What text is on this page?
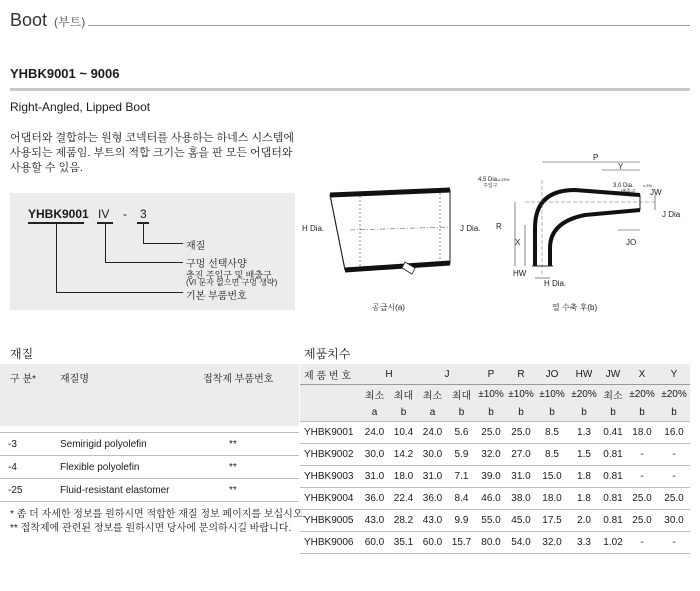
Boot (부트)
YHBK9001 ~ 9006
Right-Angled, Lipped Boot
어댑터와 결합하는 원형 코넥터를 사용하는 하네스 시스템에
사용되는 제품임. 부트의 적합 크기는 홈을 판 모든 어댑터와
사용할 수 있음.
YHBK9001 IV - 3
재질
구멍 선택사양
충진 주입구 및 배출구
(VI 문자 없으면 구멍 생략)
기본 부품번호
H Dia.	J Dia.
공급시(a)
P
Y
4.5 Dia. ±.25%
주입구	3.0 Dia. ±.3%
배출구 JW
J Dia
R
X	JO
HW
H Dia.
열 수축 후(b)
재질
구 분*	재질명	접착제 부품번호

-3	Semirigid polyolefin	**
-4	Flexible polyolefin	**
-25	Fluid-resistant elastomer	**
* 좀 더 자세한 정보를 원하시면 적합한 재질 정보 페이지를 보십시오.
** 접착제에 관련된 정보를 원하시면 당사에 문의하시길 바랍니다.
제품치수
제 품 번 호	H		J		P	R	JO	HW	JW	X	Y
	최소	최대	최소	최대	±10%	±10%	±10%	±20%	최소	±20%	±20%
	a	b	a	b	b	b	b	b	b	b	b
YHBK9001	24.0	10.4	24.0	5.6	25.0	25.0	8.5	1.3	0.41	18.0	16.0
YHBK9002	30.0	14.2	30.0	5.9	32.0	27.0	8.5	1.5	0.81	-	-
YHBK9003	31.0	18.0	31.0	7.1	39.0	31.0	15.0	1.8	0.81	-	-
YHBK9004	36.0	22.4	36.0	8.4	46.0	38.0	18.0	1.8	0.81	25.0	25.0
YHBK9005	43.0	28.2	43.0	9.9	55.0	45.0	17.5	2.0	0.81	25.0	30.0
YHBK9006	60.0	35.1	60.0	15.7	80.0	54.0	32.0	3.3	1.02	-	-
